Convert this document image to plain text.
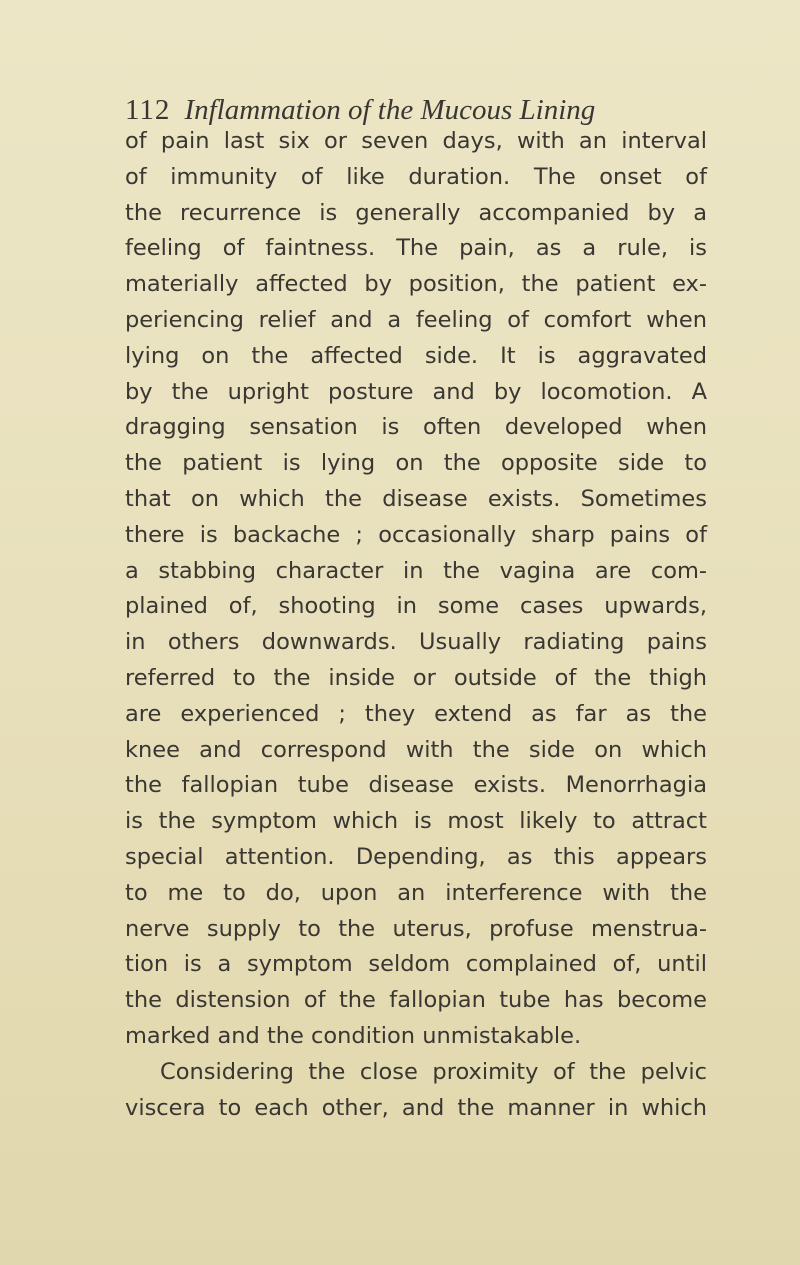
112 Inflammation of the Mucous Lining
of pain last six or seven days, with an interval
of immunity of like duration. The onset of
the recurrence is generally accompanied by a
feeling of faintness. The pain, as a rule, is
materially affected by position, the patient ex-
periencing relief and a feeling of comfort when
lying on the affected side. It is aggravated
by the upright posture and by locomotion. A
dragging sensation is often developed when
the patient is lying on the opposite side to
that on which the disease exists. Sometimes
there is backache ; occasionally sharp pains of
a stabbing character in the vagina are com-
plained of, shooting in some cases upwards,
in others downwards. Usually radiating pains
referred to the inside or outside of the thigh
are experienced ; they extend as far as the
knee and correspond with the side on which
the fallopian tube disease exists. Menorrhagia
is the symptom which is most likely to attract
special attention. Depending, as this appears
to me to do, upon an interference with the
nerve supply to the uterus, profuse menstrua-
tion is a symptom seldom complained of, until
the distension of the fallopian tube has become
marked and the condition unmistakable.
Considering the close proximity of the pelvic
viscera to each other, and the manner in which
